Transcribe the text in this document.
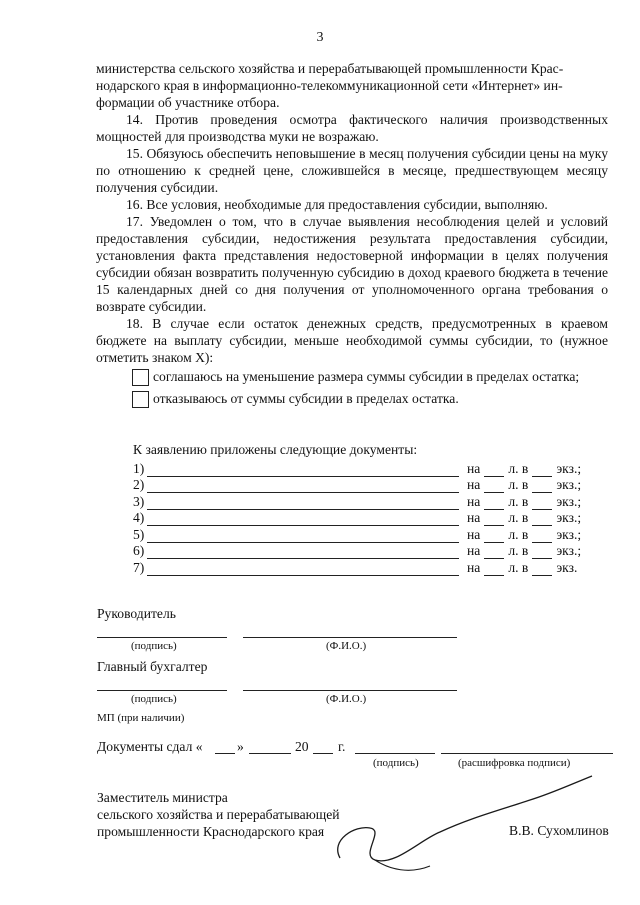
3

министерства сельского хозяйства и перерабатывающей промышленности Крас-

нодарского края в информационно-телекоммуникационной сети «Интернет» ин-

формации об участнике отбора.

14. Против проведения осмотра фактического наличия производственных мощностей для производства муки не возражаю.

15. Обязуюсь обеспечить неповышение в месяц получения субсидии цены на муку по отношению к средней цене, сложившейся в месяце, предшествующем месяцу получения субсидии.

16. Все условия, необходимые для предоставления субсидии, выполняю.

17. Уведомлен о том, что в случае выявления несоблюдения целей и условий предоставления субсидии, недостижения результата предоставления субсидии, установления факта представления недостоверной информации в целях получения субсидии обязан возвратить полученную субсидию в доход краевого бюджета в течение 15 календарных дней со дня получения от уполномоченного органа требования о возврате субсидии.

18. В случае если остаток денежных средств, предусмотренных в краевом бюджете на выплату субсидии, меньше необходимой суммы субсидии, то (нужное отметить знаком Х):

соглашаюсь на уменьшение размера суммы субсидии в пределах остатка;
отказываюсь от суммы субсидии в пределах остатка.
К заявлению приложены следующие документы:
1)	на л. в экз.;
2)	на л. в экз.;
3)	на л. в экз.;
4)	на л. в экз.;
5)	на л. в экз.;
6)	на л. в экз.;
7)	на л. в экз.
Руководитель
(подпись)	(Ф.И.О.)
Главный бухгалтер
(подпись)	(Ф.И.О.)
МП (при наличии)
Документы сдал «	»	20 г.
(подпись)	(расшифровка подписи)
Заместитель министра
сельского хозяйства и перерабатывающей
промышленности Краснодарского края	В.В. Сухомлинов
